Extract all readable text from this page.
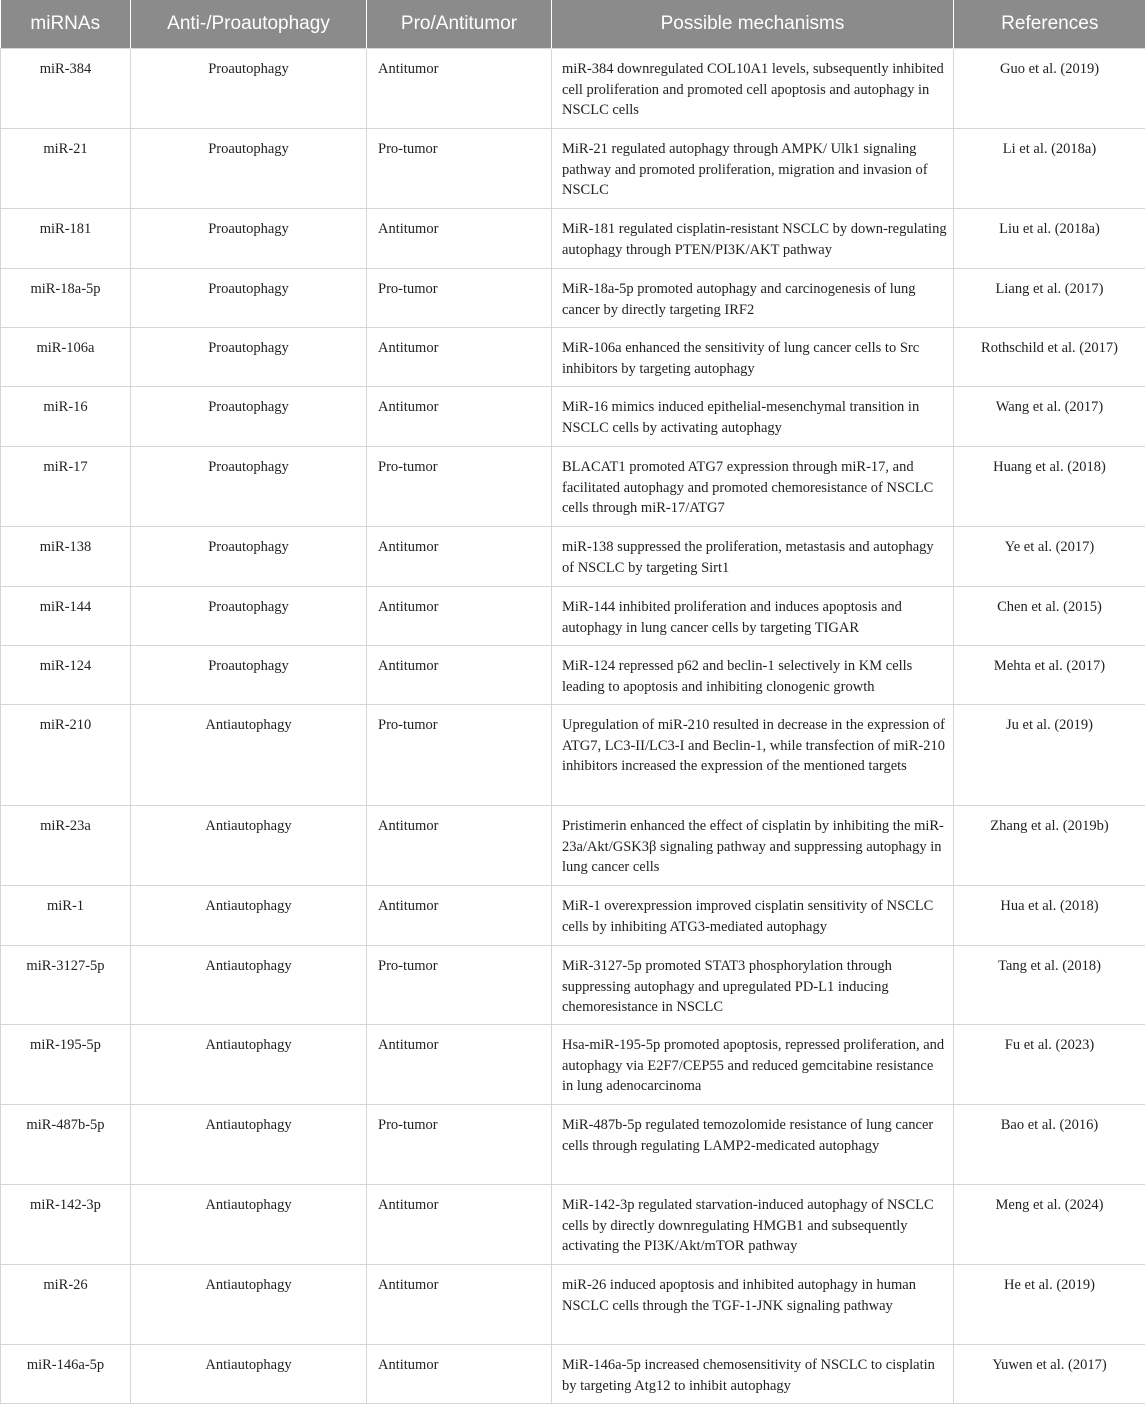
miRNAs	Anti-/Proautophagy	Pro/Antitumor	Possible mechanisms	References
miR-384	Proautophagy	Antitumor	miR-384 downregulated COL10A1 levels, subsequently inhibited cell proliferation and promoted cell apoptosis and autophagy in NSCLC cells	Guo et al. (2019)
miR-21	Proautophagy	Pro-tumor	MiR-21 regulated autophagy through AMPK/ Ulk1 signaling pathway and promoted proliferation, migration and invasion of NSCLC	Li et al. (2018a)
miR-181	Proautophagy	Antitumor	MiR-181 regulated cisplatin-resistant NSCLC by down-regulating autophagy through PTEN/PI3K/AKT pathway	Liu et al. (2018a)
miR-18a-5p	Proautophagy	Pro-tumor	MiR-18a-5p promoted autophagy and carcinogenesis of lung cancer by directly targeting IRF2	Liang et al. (2017)
miR-106a	Proautophagy	Antitumor	MiR-106a enhanced the sensitivity of lung cancer cells to Src inhibitors by targeting autophagy	Rothschild et al. (2017)
miR-16	Proautophagy	Antitumor	MiR-16 mimics induced epithelial-mesenchymal transition in NSCLC cells by activating autophagy	Wang et al. (2017)
miR-17	Proautophagy	Pro-tumor	BLACAT1 promoted ATG7 expression through miR-17, and facilitated autophagy and promoted chemoresistance of NSCLC cells through miR-17/ATG7	Huang et al. (2018)
miR-138	Proautophagy	Antitumor	miR-138 suppressed the proliferation, metastasis and autophagy of NSCLC by targeting Sirt1	Ye et al. (2017)
miR-144	Proautophagy	Antitumor	MiR-144 inhibited proliferation and induces apoptosis and autophagy in lung cancer cells by targeting TIGAR	Chen et al. (2015)
miR-124	Proautophagy	Antitumor	MiR-124 repressed p62 and beclin-1 selectively in KM cells leading to apoptosis and inhibiting clonogenic growth	Mehta et al. (2017)
miR-210	Antiautophagy	Pro-tumor	Upregulation of miR-210 resulted in decrease in the expression of ATG7, LC3-II/LC3-I and Beclin-1, while transfection of miR-210 inhibitors increased the expression of the mentioned targets	Ju et al. (2019)
miR-23a	Antiautophagy	Antitumor	Pristimerin enhanced the effect of cisplatin by inhibiting the miR-23a/Akt/GSK3β signaling pathway and suppressing autophagy in lung cancer cells	Zhang et al. (2019b)
miR-1	Antiautophagy	Antitumor	MiR-1 overexpression improved cisplatin sensitivity of NSCLC cells by inhibiting ATG3-mediated autophagy	Hua et al. (2018)
miR-3127-5p	Antiautophagy	Pro-tumor	MiR-3127-5p promoted STAT3 phosphorylation through suppressing autophagy and upregulated PD-L1 inducing chemoresistance in NSCLC	Tang et al. (2018)
miR-195-5p	Antiautophagy	Antitumor	Hsa-miR-195-5p promoted apoptosis, repressed proliferation, and autophagy via E2F7/CEP55 and reduced gemcitabine resistance in lung adenocarcinoma	Fu et al. (2023)
miR-487b-5p	Antiautophagy	Pro-tumor	MiR-487b-5p regulated temozolomide resistance of lung cancer cells through regulating LAMP2-medicated autophagy	Bao et al. (2016)
miR-142-3p	Antiautophagy	Antitumor	MiR-142-3p regulated starvation-induced autophagy of NSCLC cells by directly downregulating HMGB1 and subsequently activating the PI3K/Akt/mTOR pathway	Meng et al. (2024)
miR-26	Antiautophagy	Antitumor	miR-26 induced apoptosis and inhibited autophagy in human NSCLC cells through the TGF-1-JNK signaling pathway	He et al. (2019)
miR-146a-5p	Antiautophagy	Antitumor	MiR-146a-5p increased chemosensitivity of NSCLC to cisplatin by targeting Atg12 to inhibit autophagy	Yuwen et al. (2017)
